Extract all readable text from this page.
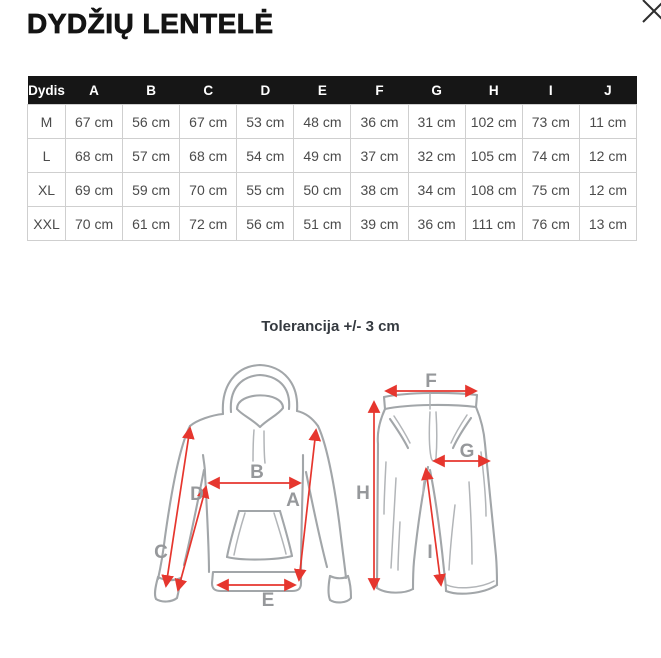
DYDŽIŲ LENTELĖ
Dydis	A	B	C	D	E	F	G	H	I	J
M	67 cm	56 cm	67 cm	53 cm	48 cm	36 cm	31 cm	102 cm	73 cm	11 cm
L	68 cm	57 cm	68 cm	54 cm	49 cm	37 cm	32 cm	105 cm	74 cm	12 cm
XL	69 cm	59 cm	70 cm	55 cm	50 cm	38 cm	34 cm	108 cm	75 cm	12 cm
XXL	70 cm	61 cm	72 cm	56 cm	51 cm	39 cm	36 cm	111 cm	76 cm	13 cm
Tolerancija +/- 3 cm
C
D
B
A
E
F
H
G
I
